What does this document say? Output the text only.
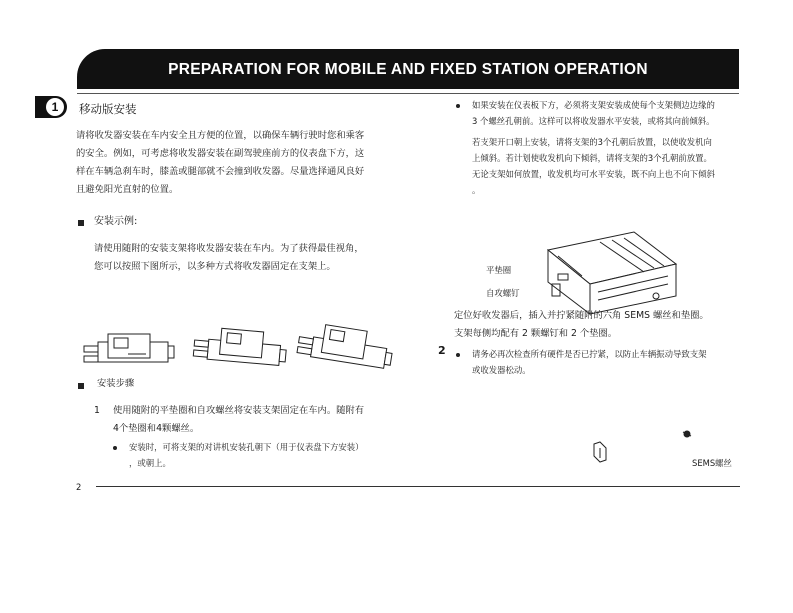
PREPARATION FOR MOBILE AND FIXED STATION OPERATION
1	移动版安装
请将收发器安装在车内安全且方便的位置，以确保车辆行驶时您和乘客
的安全。例如，可考虑将收发器安装在副驾驶座前方的仪表盘下方，这
样在车辆急刹车时，膝盖或腿部就不会撞到收发器。尽量选择通风良好
且避免阳光直射的位置。
安装示例:
请使用随附的安装支架将收发器安装在车内。为了获得最佳视角，
您可以按照下图所示，以多种方式将收发器固定在支架上。
安装步骤
1 使用随附的平垫圈和自攻螺丝将安装支架固定在车内。随附有
4个垫圈和4颗螺丝。
安装时，可将支架的对讲机安装孔朝下（用于仪表盘下方安装）
，或朝上。
如果安装在仪表板下方，必须将支架安装成使每个支架侧边边缘的
3 个螺丝孔朝前。这样可以将收发器水平安装，或将其向前倾斜。
若支架开口朝上安装，请将支架的3个孔朝后放置，以使收发机向
上倾斜。若计划使收发机向下倾斜，请将支架的3个孔朝前放置。
无论支架如何放置，收发机均可水平安装，既不向上也不向下倾斜
。
平垫圈
自攻螺钉
定位好收发器后，插入并拧紧随附的六角 SEMS 螺丝和垫圈。
支架每侧均配有 2 颗螺钉和 2 个垫圈。
2	请务必再次检查所有硬件是否已拧紧，以防止车辆振动导致支架
或收发器松动。
SEMS螺丝
2
